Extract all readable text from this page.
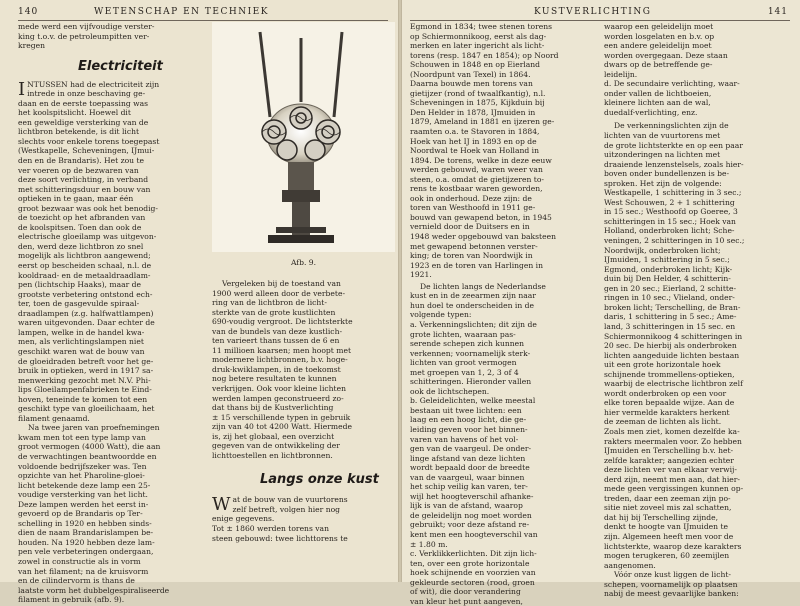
140	WETENSCHAP EN TECHNIEK

mede werd een vijfvoudige verster-
king t.o.v. de petroleumpitten ver-
kregen

Electriciteit

INTUSSEN had de electriciteit zijn
intrede in onze beschaving ge-
daan en de eerste toepassing was
het koolspitslicht. Hoewel dit
een geweldige versterking van de
lichtbron betekende, is dit licht
slechts voor enkele torens toegepast
(Westkapelle, Scheveningen, IJmui-
den en de Brandaris). Het zou te
ver voeren op de bezwaren van
deze soort verlichting, in verband
met schitteringsduur en bouw van
optieken in te gaan, maar één
groot bezwaar was ook het benodig-
de toezicht op het afbranden van
de koolspitsen. Toen dan ook de
electrische gloeilamp was uitgevon-
den, werd deze lichtbron zo snel
mogelijk als lichtbron aangewend;
eerst op bescheiden schaal, n.l. de
kooldraad- en de metaaldraadlam-
pen (lichtschip Haaks), maar de
grootste verbetering ontstond ech-
ter, toen de gasgevulde spiraal-
draadlampen (z.g. halfwattlampen)
waren uitgevonden. Daar echter de
lampen, welke in de handel kwa-
men, als verlichtingslampen niet
geschikt waren wat de bouw van
de gloeidraden betreft voor het ge-
bruik in optieken, werd in 1917 sa-
menwerking gezocht met N.V. Phi-
lips Gloeilampenfabrieken te Eind-
hoven, teneinde te komen tot een
geschikt type van gloeilichaam, het
filament genaamd.

Na twee jaren van proefnemingen
kwam men tot een type lamp van
groot vermogen (4000 Watt), die aan
de verwachtingen beantwoordde en
voldoende bedrijfszeker was. Ten
opzichte van het Pharoline-gloei-
licht betekende deze lamp een 25-
voudige versterking van het licht.
Deze lampen werden het eerst in-
gevoerd op de Brandaris op Ter-
schelling in 1920 en hebben sinds-
dien de naam Brandarislampen be-
houden. Na 1920 hebben deze lam-
pen vele verbeteringen ondergaan,
zowel in constructie als in vorm
van het filament; na de kruisvorm
en de cilindervorm is thans de
laatste vorm het dubbelgespiraliseerde
filament in gebruik (afb. 9).

Afb. 9.

Vergeleken bij de toestand van
1900 werd alleen door de verbete-
ring van de lichtbron de licht-
sterkte van de grote kustlichten
690-voudig vergroot. De lichtsterkte
van de bundels van deze kustlich-
ten varieert thans tussen de 6 en
11 millioen kaarsen; men hoopt met
modernere lichtbronnen, b.v. hoge-
druk-kwiklampen, in de toekomst
nog betere resultaten te kunnen
verkrijgen. Ook voor kleine lichten
werden lampen geconstrueerd zo-
dat thans bij de Kustverlichting
± 15 verschillende typen in gebruik
zijn van 40 tot 4200 Watt. Hiermede
is, zij het globaal, een overzicht
gegeven van de ontwikkeling der
lichttoestellen en lichtbronnen.

Langs onze kust

Wat de bouw van de vuurtorens
zelf betreft, volgen hier nog
enige gegevens.
Tot ± 1860 werden torens van
steen gebouwd: twee lichttorens te

KUSTVERLICHTING	141

Egmond in 1834; twee stenen torens
op Schiermonnikoog, eerst als dag-
merken en later ingericht als licht-
torens (resp. 1847 en 1854); op Noord
Schouwen in 1848 en op Eierland
(Noordpunt van Texel) in 1864.
Daarna bouwde men torens van
gietijzer (rond of twaalfkantig), n.l.
Scheveningen in 1875, Kijkduin bij
Den Helder in 1878, IJmuiden in
1879, Ameland in 1881 en ijzeren ge-
raamten o.a. te Stavoren in 1884,
Hoek van het IJ in 1893 en op de
Noordwal te Hoek van Holland in
1894. De torens, welke in deze eeuw
werden gebouwd, waren weer van
steen, o.a. omdat de gietijzeren to-
rens te kostbaar waren geworden,
ook in onderhoud. Deze zijn: de
toren van Westhoofd in 1911 ge-
bouwd van gewapend beton, in 1945
vernield door de Duitsers en in
1948 weder opgebouwd van baksteen
met gewapend betonnen verster-
king; de toren van Noordwijk in
1923 en de toren van Harlingen in
1921.

De lichten langs de Nederlandse
kust en in de zeearmen zijn naar
hun doel te onderscheiden in de
volgende typen:

a. Verkenningslichten; dit zijn de
grote lichten, waaraan pas-
serende schepen zich kunnen
verkennen; voornamelijk sterk-
lichten van groot vermogen
met groepen van 1, 2, 3 of 4
schitteringen. Hieronder vallen
ook de lichtschepen.

b. Geleidelichten, welke meestal
bestaan uit twee lichten: een
laag en een hoog licht, die ge-
leiding geven voor het binnen-
varen van havens of het vol-
gen van de vaargeul. De onder-
linge afstand van deze lichten
wordt bepaald door de breedte
van de vaargeul, waar binnen
het schip veilig kan varen, ter-
wijl het hoogteverschil afhanke-
lijk is van de afstand, waarop
de geleidelijn nog moet worden
gebruikt; voor deze afstand re-
kent men een hoogteverschil van
± 1.80 m.

c. Verklikkerlichten. Dit zijn lich-
ten, over een grote horizontale
hoek schijnende en voorzien van
gekleurde sectoren (rood, groen
of wit), die door verandering
van kleur het punt aangeven,

waarop een geleidelijn moet
worden losgelaten en b.v. op
een andere geleidelijn moet
worden overgegaan. Deze staan
dwars op de betreffende ge-
leidelijn.

d. De secundaire verlichting, waar-
onder vallen de lichtboeien,
kleinere lichten aan de wal,
duedalf-verlichting, enz.

De verkenningslichten zijn de
lichten van de vuurtorens met
de grote lichtsterkte en op een paar
uitzonderingen na lichten met
draaiende lenzenstelsels, zoals hier-
boven onder bundellenzen is be-
sproken. Het zijn de volgende:
Westkapelle, 1 schittering in 3 sec.;
West Schouwen, 2 + 1 schittering
in 15 sec.; Westhoofd op Goeree, 3
schitteringen in 15 sec.; Hoek van
Holland, onderbroken licht; Sche-
veningen, 2 schitteringen in 10 sec.;
Noordwijk, onderbroken licht;
IJmuiden, 1 schittering in 5 sec.;
Egmond, onderbroken licht; Kijk-
duin bij Den Helder, 4 schitterin-
gen in 20 sec.; Eierland, 2 schitte-
ringen in 10 sec.; Vlieland, onder-
broken licht; Terschelling, de Bran-
daris, 1 schittering in 5 sec.; Ame-
land, 3 schitteringen in 15 sec. en
Schiermonnikoog 4 schitteringen in
20 sec. De hierbij als onderbroken
lichten aangeduide lichten bestaan
uit een grote horizontale hoek
schijnende trommellens-optieken,
waarbij de electrische lichtbron zelf
wordt onderbroken op een voor
elke toren bepaalde wijze. Aan de
hier vermelde karakters herkent
de zeeman de lichten als licht.
Zoals men ziet, komen dezelfde ka-
rakters meermalen voor. Zo hebben
IJmuiden en Terschelling b.v. het-
zelfde karakter; aangezien echter
deze lichten ver van elkaar verwij-
derd zijn, neemt men aan, dat hier-
mede geen vergissingen kunnen op-
treden, daar een zeeman zijn po-
sitie niet zoveel mis zal schatten,
dat hij bij Terschelling zijnde,
denkt te hoogte van IJmuiden te
zijn. Algemeen heeft men voor de
lichtsterkte, waarop deze karakters
mogen terugkeren, 60 zeemijlen
aangenomen.

Vóór onze kust liggen de licht-
schepen, voornamelijk op plaatsen
nabij de meest gevaarlijke banken:
